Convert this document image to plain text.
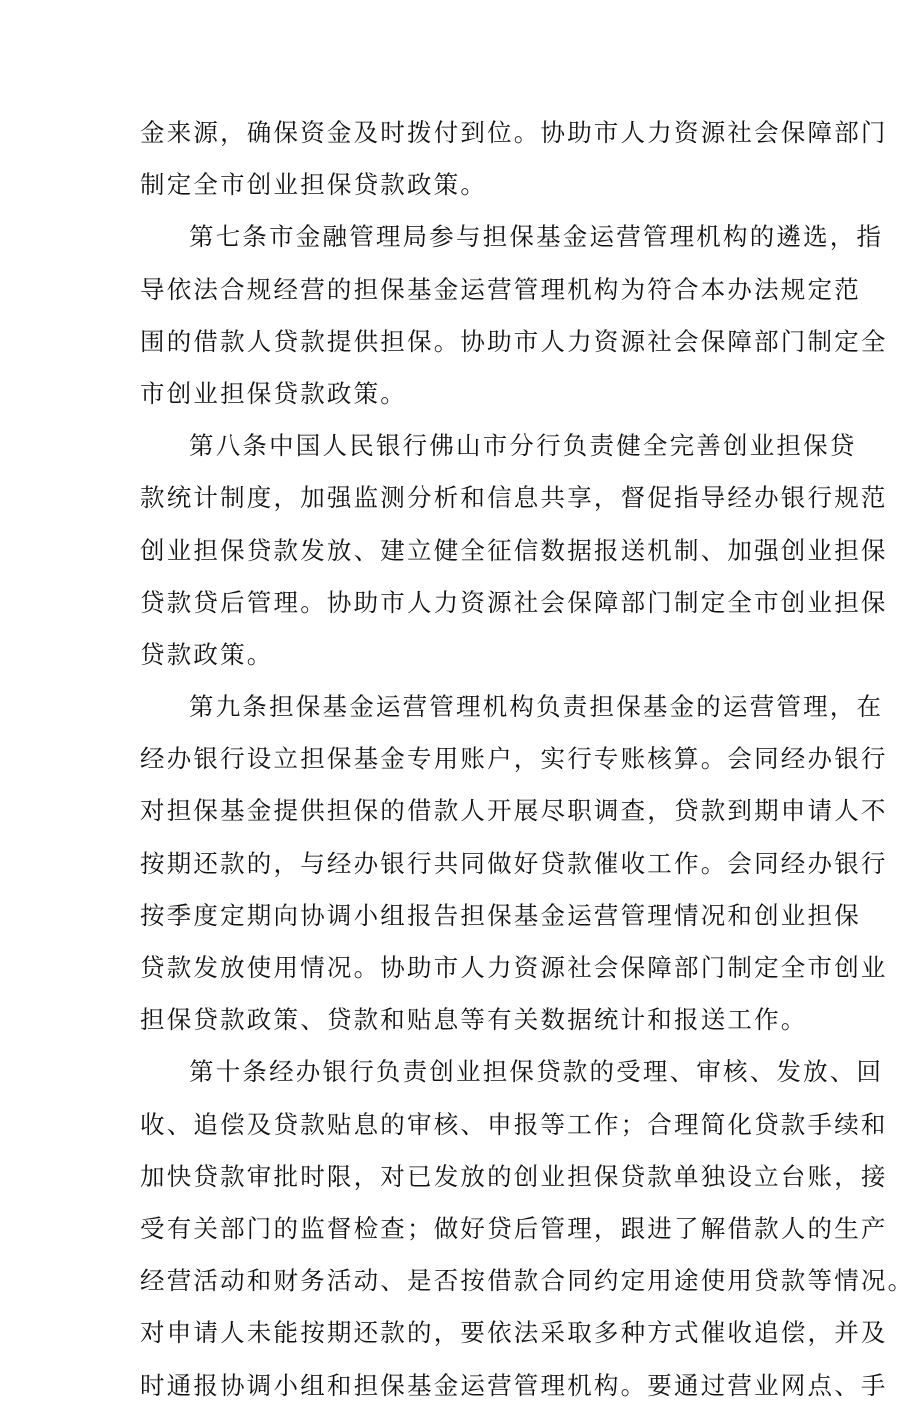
金来源，确保资金及时拨付到位。协助市人力资源社会保障部门
制定全市创业担保贷款政策。
第七条市金融管理局参与担保基金运营管理机构的遴选，指
导依法合规经营的担保基金运营管理机构为符合本办法规定范
围的借款人贷款提供担保。协助市人力资源社会保障部门制定全
市创业担保贷款政策。
第八条中国人民银行佛山市分行负责健全完善创业担保贷
款统计制度，加强监测分析和信息共享，督促指导经办银行规范
创业担保贷款发放、建立健全征信数据报送机制、加强创业担保
贷款贷后管理。协助市人力资源社会保障部门制定全市创业担保
贷款政策。
第九条担保基金运营管理机构负责担保基金的运营管理，在
经办银行设立担保基金专用账户，实行专账核算。会同经办银行
对担保基金提供担保的借款人开展尽职调查，贷款到期申请人不
按期还款的，与经办银行共同做好贷款催收工作。会同经办银行
按季度定期向协调小组报告担保基金运营管理情况和创业担保
贷款发放使用情况。协助市人力资源社会保障部门制定全市创业
担保贷款政策、贷款和贴息等有关数据统计和报送工作。
第十条经办银行负责创业担保贷款的受理、审核、发放、回
收、追偿及贷款贴息的审核、申报等工作；合理简化贷款手续和
加快贷款审批时限，对已发放的创业担保贷款单独设立台账，接
受有关部门的监督检查；做好贷后管理，跟进了解借款人的生产
经营活动和财务活动、是否按借款合同约定用途使用贷款等情况。
对申请人未能按期还款的，要依法采取多种方式催收追偿，并及
时通报协调小组和担保基金运营管理机构。要通过营业网点、手
